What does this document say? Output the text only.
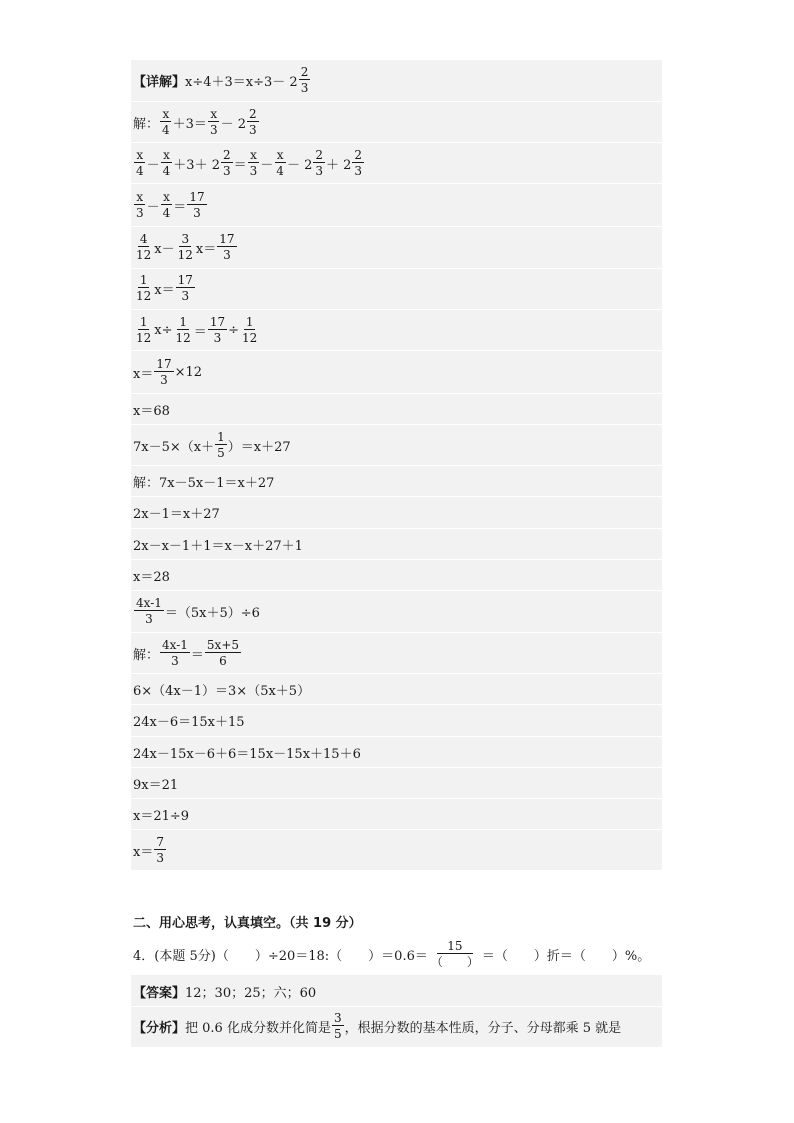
【详解】 $x\div 4+3=x\div 3- 2 \frac{2}{3}$
解： $\frac{x}{4} +3= \frac{x}{3} - 2 \frac{2}{3}$
$\frac{x}{4} - \frac{x}{4} +3+ 2 \frac{2}{3} = \frac{x}{3} - \frac{x}{4} - 2 \frac{2}{3} + 2 \frac{2}{3}$
$\frac{x}{3} - \frac{x}{4} = \frac{17}{3}$
$\frac{4}{12} x- \frac{3}{12} x= \frac{17}{3}$
$\frac{1}{12} x= \frac{17}{3}$
$\frac{1}{12} x\div \frac{1}{12} = \frac{17}{3} \div \frac{1}{12}$
$x= \frac{17}{3} \times 12$
x＝68
$7x-5\times(x+ \frac{1}{5} )=x+27$
解： 7x－5x－1＝x＋27
2x－1＝x＋27
2x－x－1＋1＝x－x＋27＋1
x＝28
$\frac{4x-1}{3} =(5x+5)\div 6$
解： $\frac{4x-1}{3} = \frac{5x+5}{6}$
6×（4x－1）＝3×（5x＋5）
24x－6＝15x＋15
24x－15x－6＋6＝15x－15x＋15＋6
9x＝21
x＝21÷9
$x= \frac{7}{3}$
二、用心思考，认真填空。（共 19 分）
4．(本题 5分)（　　）÷20＝18:（　　）$=0.6= \frac{15}{( )}$ ＝（　　）折＝（　　）%。
【答案】 12；30；25；六；60
【分析】 把 0.6 化成分数并化简是 $\frac{3}{5}$ ，根据分数的基本性质，分子、分母都乘 5 就是
